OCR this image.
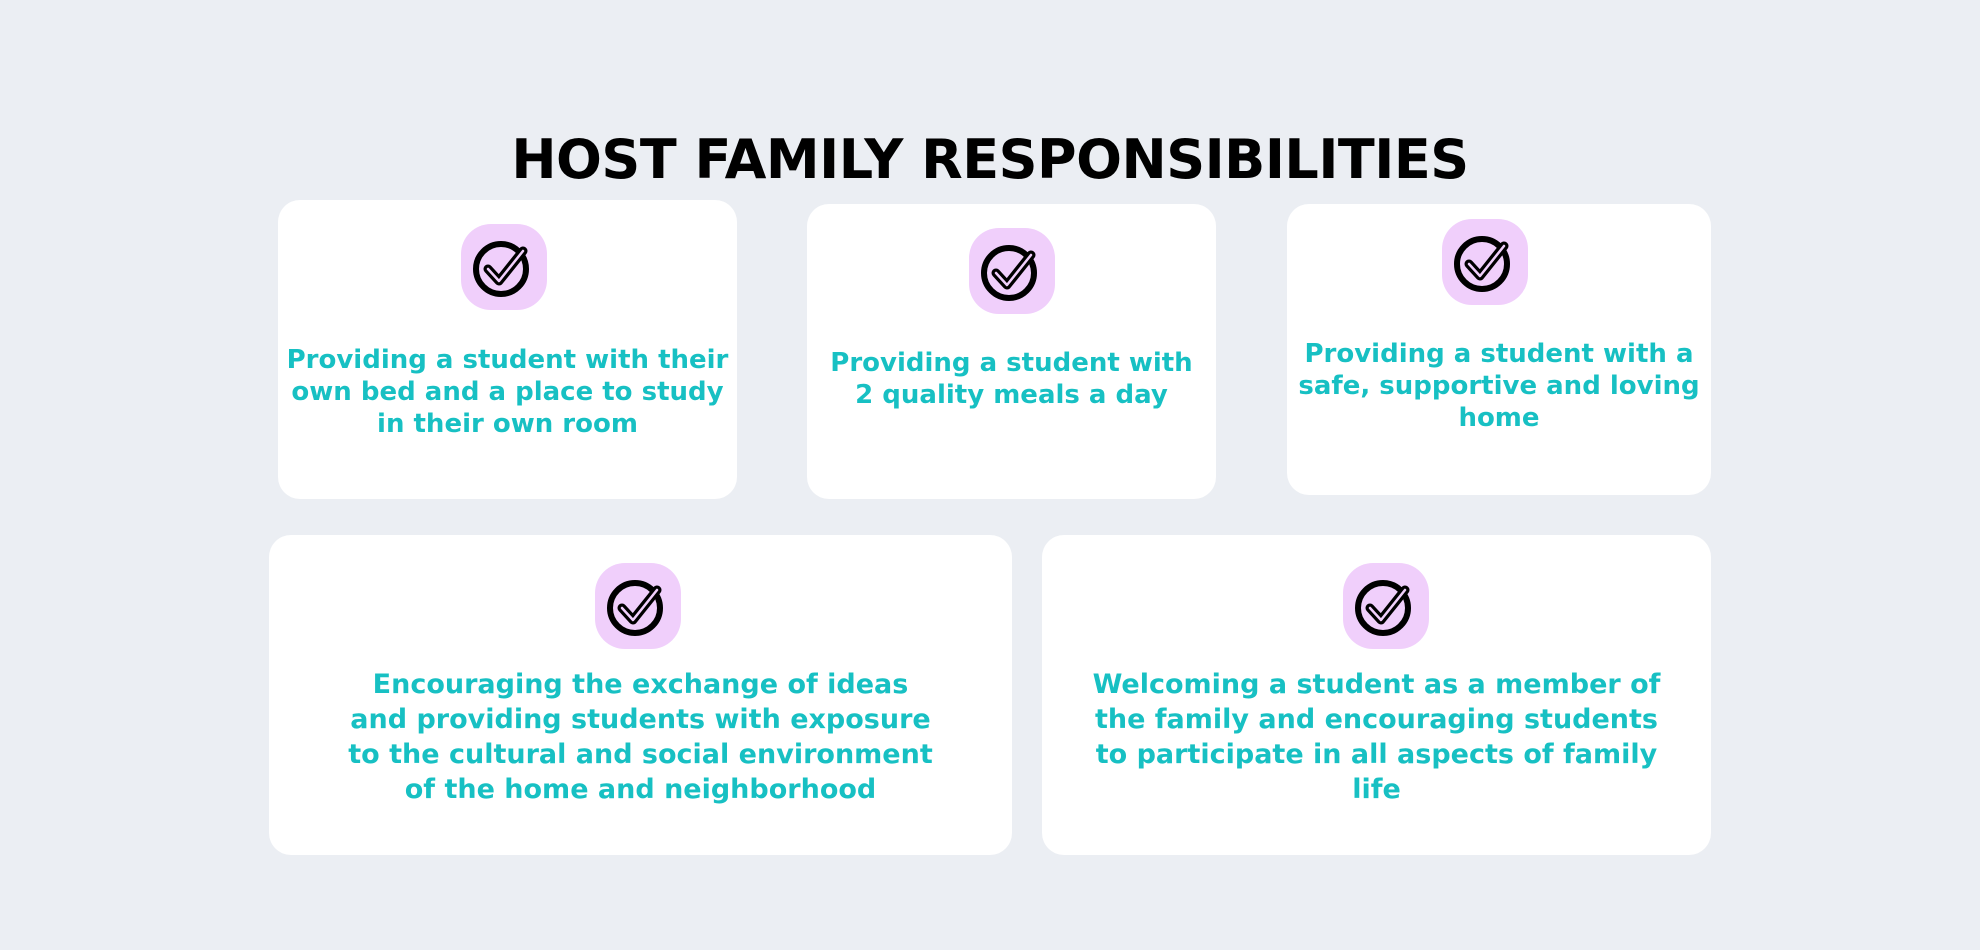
HOST FAMILY RESPONSIBILITIES

Providing a student with their
own bed and a place to study
in their own room

Providing a student with
2 quality meals a day

Providing a student with a
safe, supportive and loving
home

Encouraging the exchange of ideas
and providing students with exposure
to the cultural and social environment
of the home and neighborhood

Welcoming a student as a member of
the family and encouraging students
to participate in all aspects of family
life
